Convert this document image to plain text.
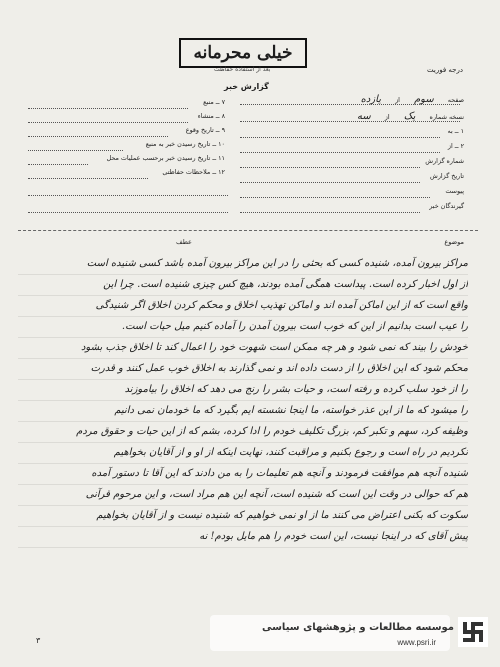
خیلی محرمانه
بعد از استفاده حفاظت
گزارش خبر
درجه فوریت
صفحه سوم از یازده
نسخه شماره یک از سه
۱ ــ به
۲ ــ از
شماره گزارش
تاریخ گزارش
پیوست
گیرندگان خبر
۷ ــ منبع
۸ ــ منشاء
۹ ــ تاریخ وقوع
۱۰ ــ تاریخ رسیدن خبر به منبع
۱۱ ــ تاریخ رسیدن خبر برحسب عملیات محل
۱۲ ــ ملاحظات حفاظتی
موضوع
عطف
مراکز بیرون آمده، شنیده کسی که بحثی را در این مراکز بیرون آمده باشد کسی شنیده است
از اول اخبار کرده است. پیداست همگی آمده بودند، هیچ کس چیزی شنیده است. چرا این
واقع است که از این اماکن آمده اند و اماکن تهذیب اخلاق و محکم کردن اخلاق اگر شنیدگی
را عیب است بدانیم از این که خوب است بیرون آمدن را آماده کنیم میل حیات است.
خودش را بیند که نمی شود و هر چه ممکن است شهوت خود را اعمال کند تا اخلاق جذب بشود
محکم شود که این اخلاق را از دست داده اند و نمی گذارند به اخلاق خوب عمل کنند و قدرت
را از خود سلب کرده و رفته است، و حیات بشر را رنج می دهد که اخلاق را بیاموزند
را میشود که ما از این عذر خواسته، ما اینجا نشسته ایم بگیرد که ما خودمان نمی دانیم
وظیفه کرد، سهم و تکبر کم، بزرگ تکلیف خودم را ادا کرده، بشم که از این حیات و حقوق مردم
نکردیم در راه است و رجوع بکنیم و مراقبت کنند، نهایت اینکه از او و از آقایان بخواهیم
شنیده آنچه هم موافقت فرمودند و آنچه هم تعلیمات را به من دادند که این آقا تا دستور آمده
هم که حوالی در وقت این است که شنیده است، آنچه این هم مراد است، و این مرحوم قرآنی
سکوت که بکنی اعتراض می کنند ما از او نمی خواهیم که شنیده نیست و از آقایان بخواهیم
پیش آقای که در اینجا نیست، این است خودم را هم مایل بودم! نه
۳
موسسه مطالعات و پژوهشهای سیاسی
www.psri.ir
